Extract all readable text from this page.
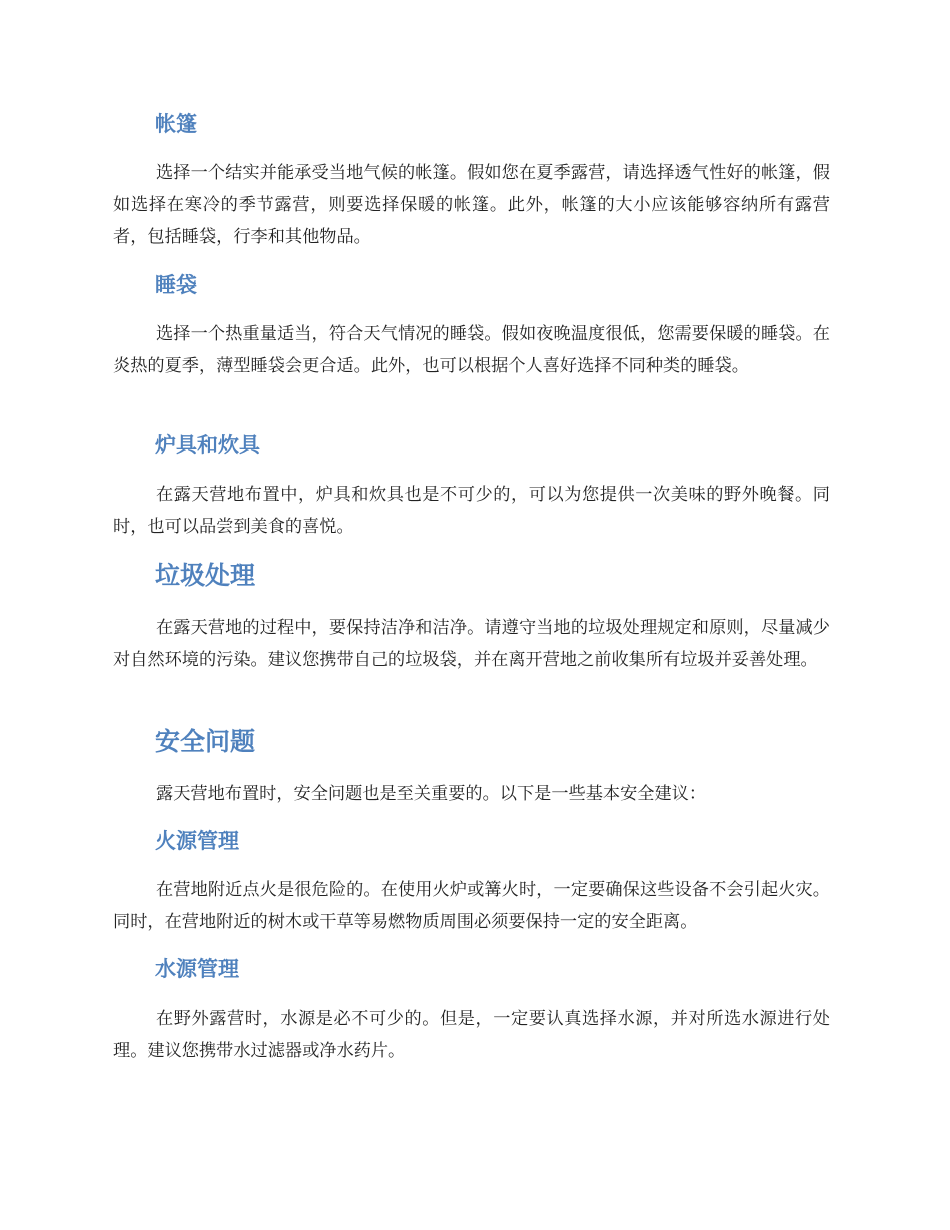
帐篷

选择一个结实并能承受当地气候的帐篷。假如您在夏季露营，请选择透气性好的帐篷，假如选择在寒冷的季节露营，则要选择保暖的帐篷。此外，帐篷的大小应该能够容纳所有露营者，包括睡袋，行李和其他物品。

睡袋

选择一个热重量适当，符合天气情况的睡袋。假如夜晚温度很低，您需要保暖的睡袋。在炎热的夏季，薄型睡袋会更合适。此外，也可以根据个人喜好选择不同种类的睡袋。

炉具和炊具

在露天营地布置中，炉具和炊具也是不可少的，可以为您提供一次美味的野外晚餐。同时，也可以品尝到美食的喜悦。

垃圾处理

在露天营地的过程中，要保持洁净和洁净。请遵守当地的垃圾处理规定和原则，尽量减少对自然环境的污染。建议您携带自己的垃圾袋，并在离开营地之前收集所有垃圾并妥善处理。

安全问题

露天营地布置时，安全问题也是至关重要的。以下是一些基本安全建议：

火源管理

在营地附近点火是很危险的。在使用火炉或篝火时，一定要确保这些设备不会引起火灾。同时，在营地附近的树木或干草等易燃物质周围必须要保持一定的安全距离。

水源管理

在野外露营时，水源是必不可少的。但是，一定要认真选择水源，并对所选水源进行处理。建议您携带水过滤器或净水药片。
